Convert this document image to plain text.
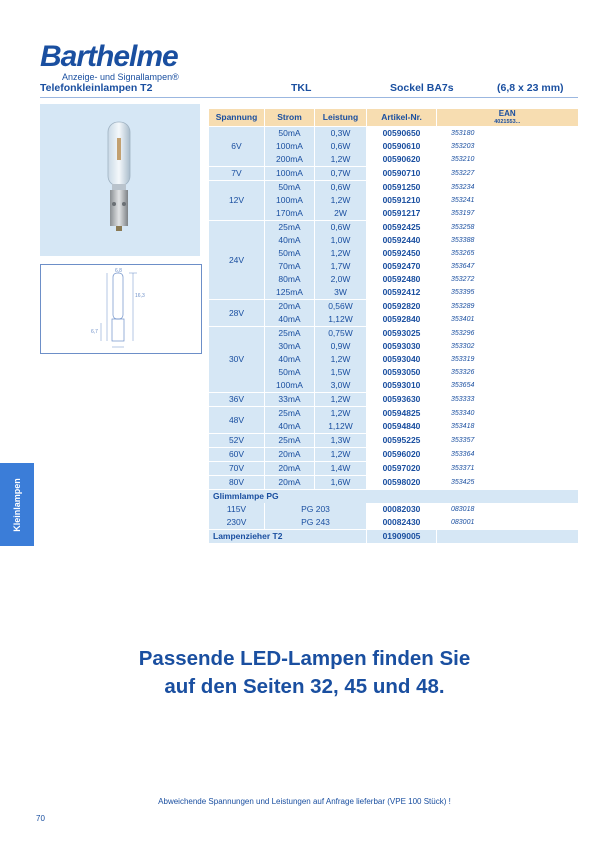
Barthelme
Anzeige- und Signallampen®
Telefonkleinlampen T2	TKL	Sockel BA7s	(6,8 x 23 mm)
6,8
16,3
6,7
Kleinlampen
Spannung	Strom	Leistung	Artikel-Nr.	EAN
4021553...

6V	50mA	0,3W	00590650	353180
	100mA	0,6W	00590610	353203
	200mA	1,2W	00590620	353210
7V	100mA	0,7W	00590710	353227
12V	50mA	0,6W	00591250	353234
	100mA	1,2W	00591210	353241
	170mA	2W	00591217	353197
24V	25mA	0,6W	00592425	353258
	40mA	1,0W	00592440	353388
	50mA	1,2W	00592450	353265
	70mA	1,7W	00592470	353647
	80mA	2,0W	00592480	353272
	125mA	3W	00592412	353395
28V	20mA	0,56W	00592820	353289
	40mA	1,12W	00592840	353401
30V	25mA	0,75W	00593025	353296
	30mA	0,9W	00593030	353302
	40mA	1,2W	00593040	353319
	50mA	1,5W	00593050	353326
	100mA	3,0W	00593010	353654
36V	33mA	1,2W	00593630	353333
48V	25mA	1,2W	00594825	353340
	40mA	1,12W	00594840	353418
52V	25mA	1,3W	00595225	353357
60V	20mA	1,2W	00596020	353364
70V	20mA	1,4W	00597020	353371
80V	20mA	1,6W	00598020	353425
Glimmlampe PG				
115V	PG 203		00082030	083018
230V	PG 243		00082430	083001
Lampenzieher T2			01909005	
Passende LED-Lampen finden Sie
auf den Seiten 32, 45 und 48.
Abweichende Spannungen und Leistungen auf Anfrage lieferbar (VPE 100 Stück) !
70
